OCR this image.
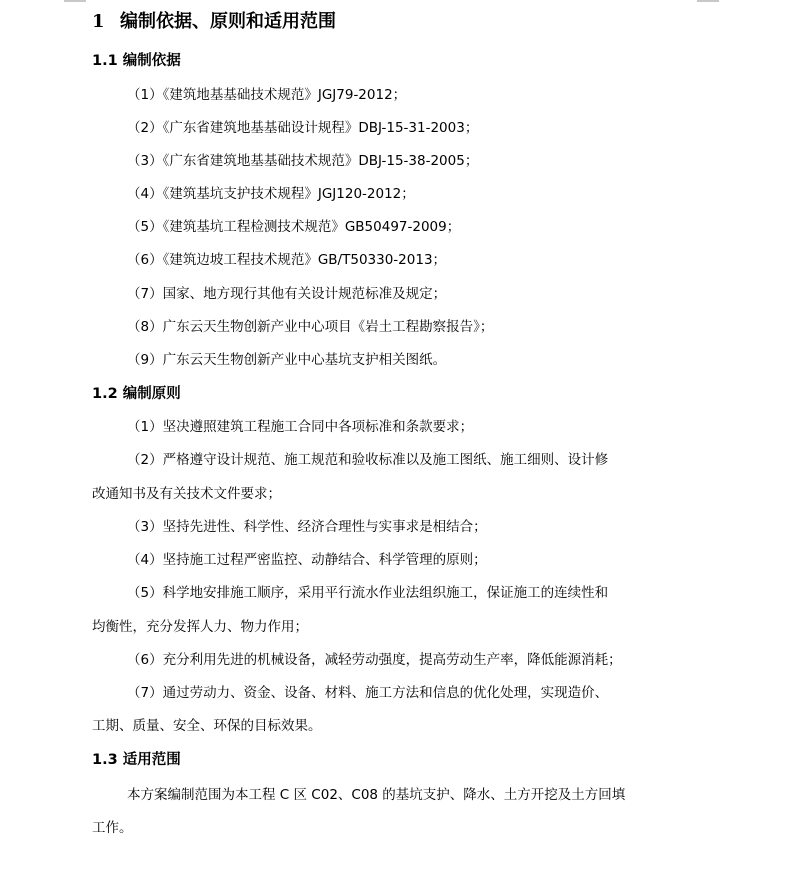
1 编制依据、原则和适用范围
1.1 编制依据
（1）《建筑地基基础技术规范》JGJ79-2012；
（2）《广东省建筑地基基础设计规程》DBJ-15-31-2003；
（3）《广东省建筑地基基础技术规范》DBJ-15-38-2005；
（4）《建筑基坑支护技术规程》JGJ120-2012；
（5）《建筑基坑工程检测技术规范》GB50497-2009；
（6）《建筑边坡工程技术规范》GB/T50330-2013；
（7）国家、地方现行其他有关设计规范标准及规定；
（8）广东云天生物创新产业中心项目《岩土工程勘察报告》；
（9）广东云天生物创新产业中心基坑支护相关图纸。
1.2 编制原则
（1）坚决遵照建筑工程施工合同中各项标准和条款要求；
（2）严格遵守设计规范、施工规范和验收标准以及施工图纸、施工细则、设计修
改通知书及有关技术文件要求；
（3）坚持先进性、科学性、经济合理性与实事求是相结合；
（4）坚持施工过程严密监控、动静结合、科学管理的原则；
（5）科学地安排施工顺序，采用平行流水作业法组织施工，保证施工的连续性和
均衡性，充分发挥人力、物力作用；
（6）充分利用先进的机械设备，减轻劳动强度，提高劳动生产率，降低能源消耗；
（7）通过劳动力、资金、设备、材料、施工方法和信息的优化处理，实现造价、
工期、质量、安全、环保的目标效果。
1.3 适用范围
本方案编制范围为本工程 C 区 C02、C08 的基坑支护、降水、土方开挖及土方回填
工作。
